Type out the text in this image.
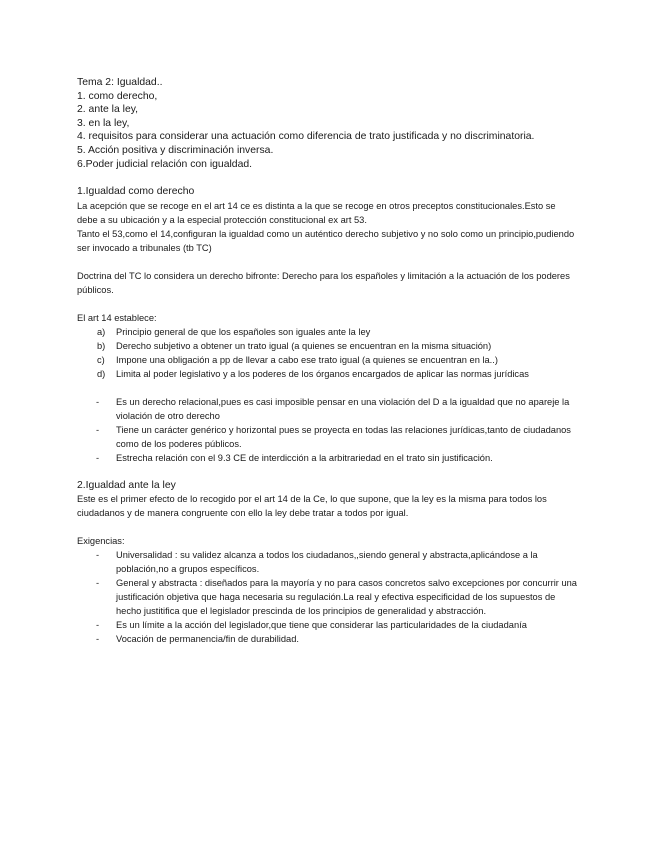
Tema 2: Igualdad..

1. como derecho,

2. ante la ley,

3. en la ley,

4. requisitos para considerar una actuación como diferencia de trato justificada y no discriminatoria.

5. Acción positiva y discriminación inversa.

6.Poder judicial relación con igualdad.

1.Igualdad como derecho

La acepción que se recoge en el art 14 ce es distinta a la que se recoge en otros preceptos constitucionales.Esto se debe a su ubicación y a la especial protección constitucional ex art 53.

Tanto el 53,como el 14,configuran la igualdad como un auténtico derecho subjetivo y no solo como un principio,pudiendo ser invocado a tribunales (tb TC)

Doctrina del TC lo considera un derecho bifronte: Derecho para los españoles y limitación a la actuación de los poderes públicos.

El art 14 establece:

a) Principio general de que los españoles son iguales ante la ley
b) Derecho subjetivo a obtener un trato igual (a quienes se encuentran en la misma situación)
c) Impone una obligación a pp de llevar a cabo ese trato igual (a quienes se encuentran en la..)
d) Limita al poder legislativo y a los poderes de los órganos encargados de aplicar las normas jurídicas
- Es un derecho relacional,pues es casi imposible pensar en una violación del D a la igualdad que no apareje la violación de otro derecho
- Tiene un carácter genérico y horizontal pues se proyecta en todas las relaciones jurídicas,tanto de ciudadanos como de los poderes públicos.
- Estrecha relación con el 9.3 CE de interdicción a la arbitrariedad en el trato sin justificación.

2.Igualdad ante la ley

Este es el primer efecto de lo recogido por el art 14 de la Ce, lo que supone, que la ley es la misma para todos los ciudadanos y de manera congruente con ello la ley debe tratar a todos por igual.

Exigencias:

- Universalidad : su validez alcanza a todos los ciudadanos,,siendo general y abstracta,aplicándose a la población,no a grupos específicos.
- General y abstracta : diseñados para la mayoría y no para casos concretos salvo excepciones por concurrir una justificación objetiva que haga necesaria su regulación.La real y efectiva especificidad de los supuestos de hecho justitifica que el legislador prescinda de los principios de generalidad y abstracción.
- Es un límite a la acción del legislador,que tiene que considerar las particularidades de la ciudadanía
- Vocación de permanencia/fin de durabilidad.
